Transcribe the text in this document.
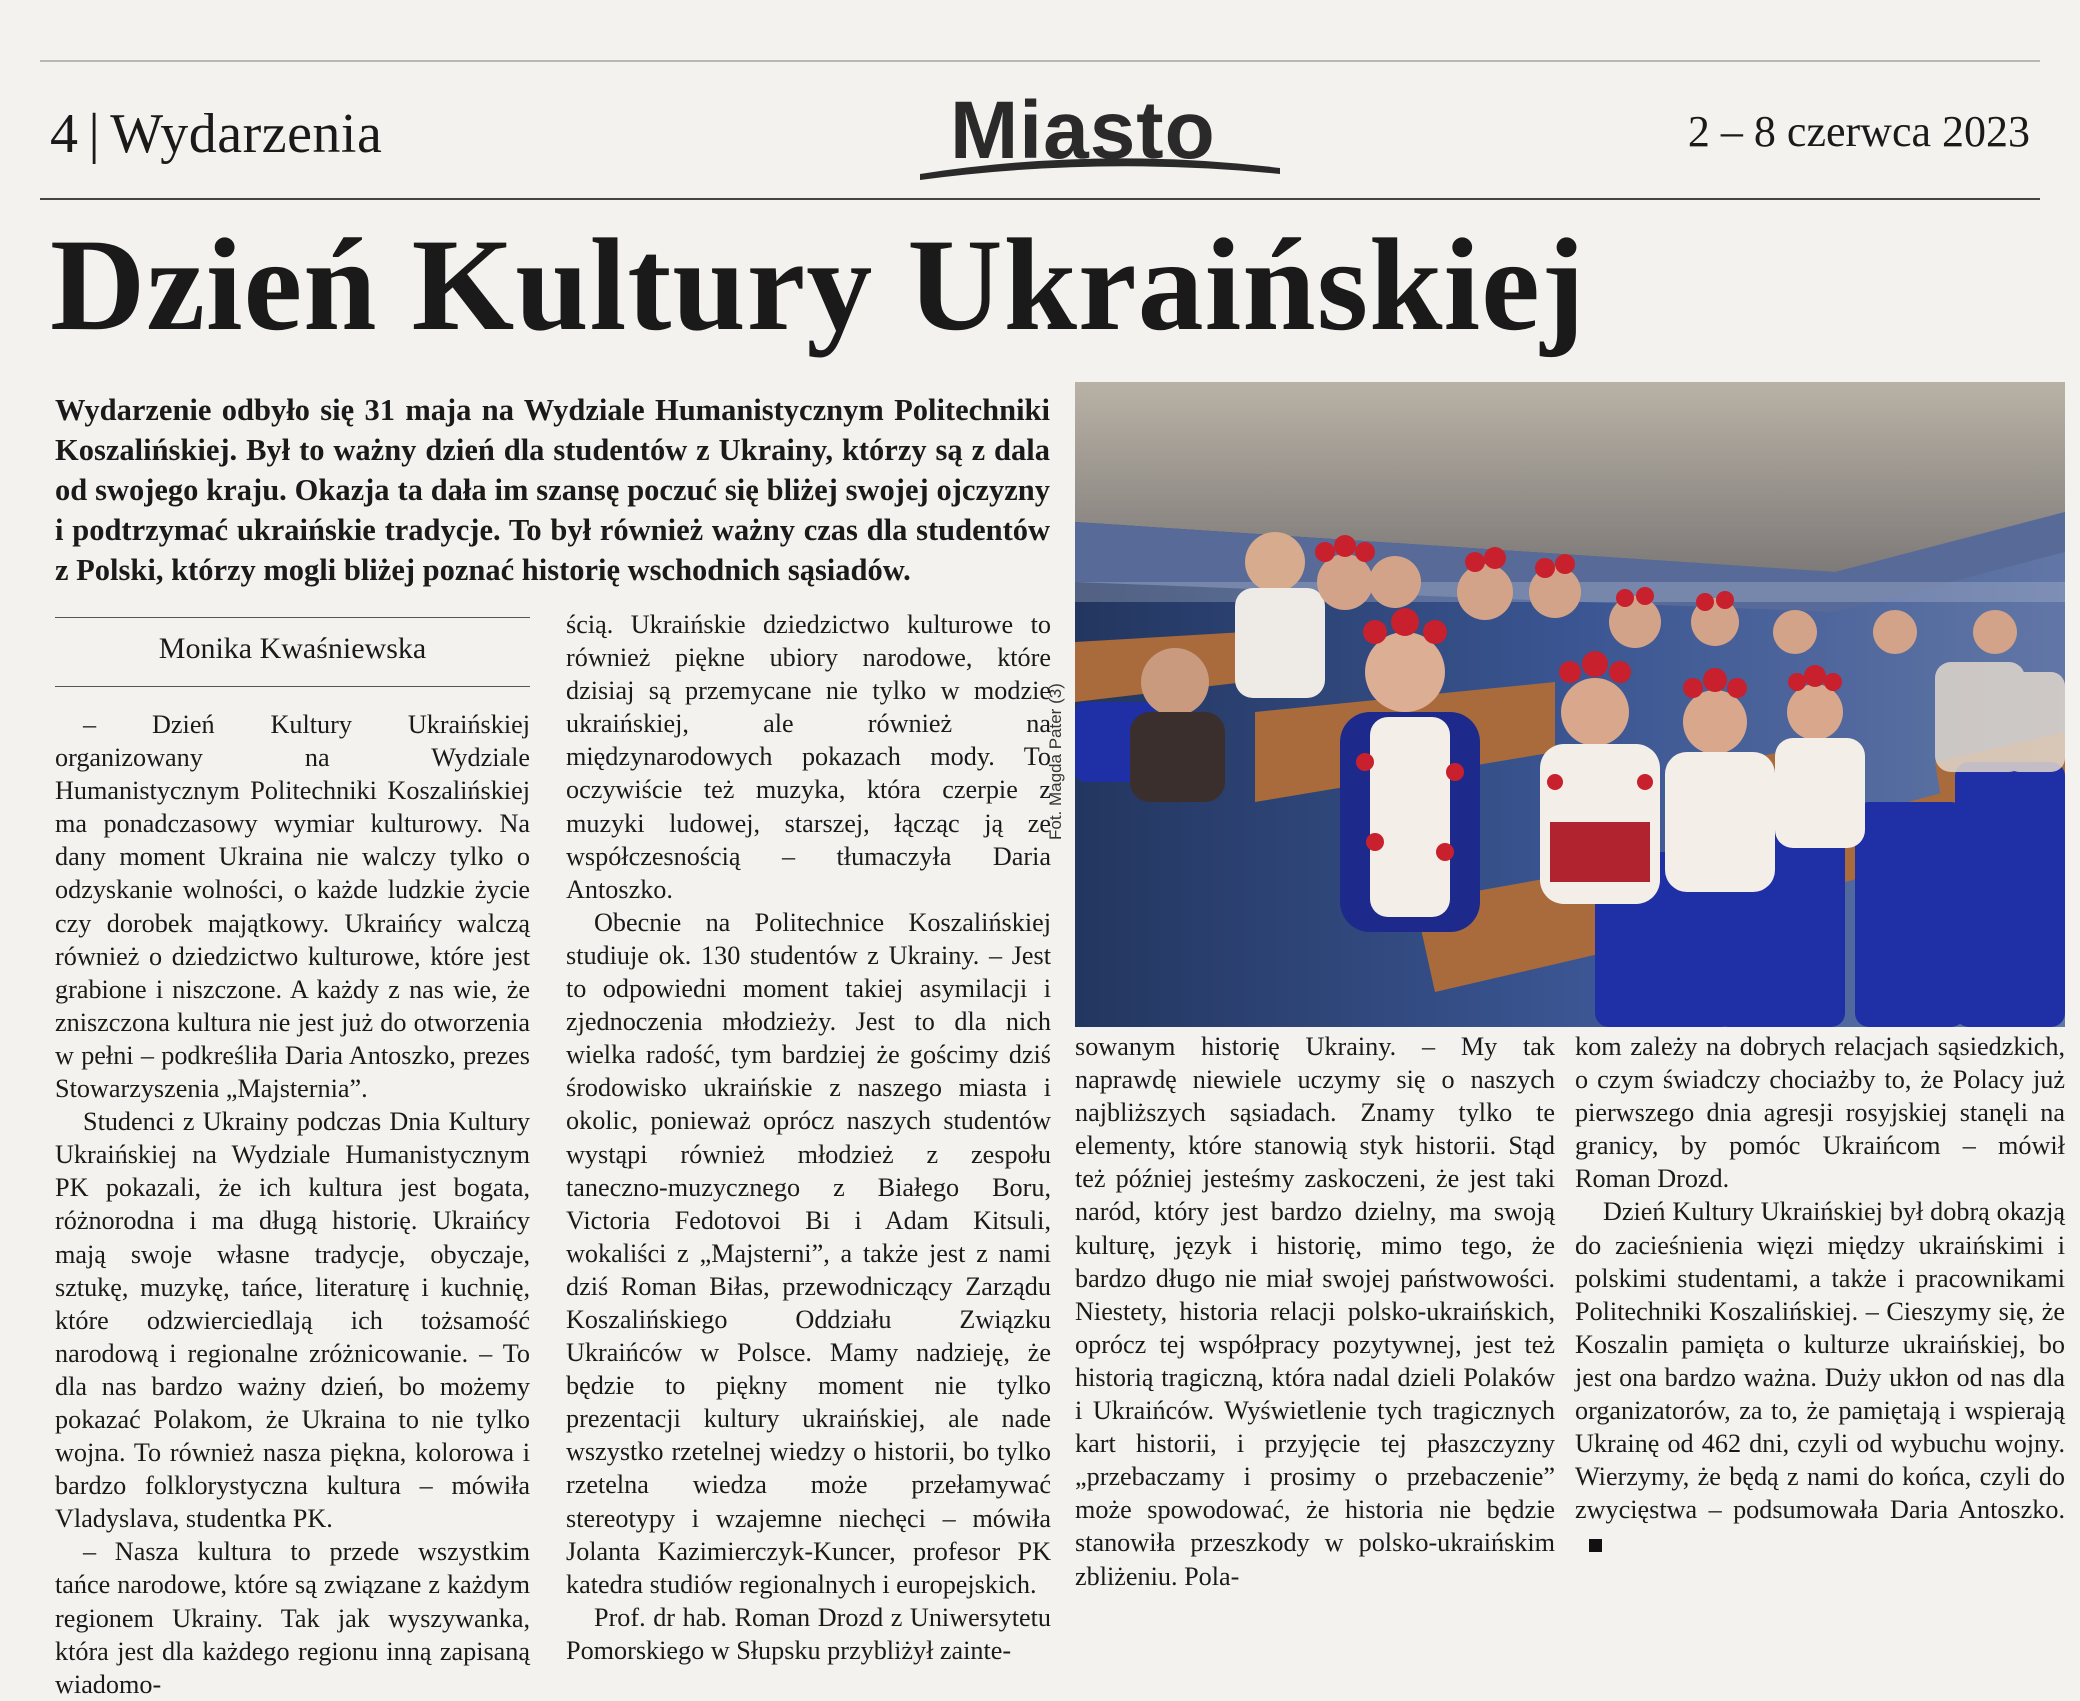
4 | Wydarzenia	Miasto	2 – 8 czerwca 2023
Dzień Kultury Ukraińskiej
Wydarzenie odbyło się 31 maja na Wydziale Humanistycznym Politechniki Koszalińskiej. Był to ważny dzień dla studentów z Ukrainy, którzy są z dala od swojego kraju. Okazja ta dała im szansę poczuć się bliżej swojej ojczyzny i podtrzymać ukraińskie tradycje. To był również ważny czas dla studentów z Polski, którzy mogli bliżej poznać historię wschodnich sąsiadów.
Fot. Magda Pater (3)
Monika Kwaśniewska

– Dzień Kultury Ukraińskiej organizowany na Wydziale Humanistycznym Politechniki Koszalińskiej ma ponadczasowy wymiar kulturowy. Na dany moment Ukraina nie walczy tylko o odzyskanie wolności, o każde ludzkie życie czy dorobek majątkowy. Ukraińcy walczą również o dziedzictwo kulturowe, które jest grabione i niszczone. A każdy z nas wie, że zniszczona kultura nie jest już do otworzenia w pełni – podkreśliła Daria Antoszko, prezes Stowarzyszenia „Majsternia”.

Studenci z Ukrainy podczas Dnia Kultury Ukraińskiej na Wydziale Humanistycznym PK pokazali, że ich kultura jest bogata, różnorodna i ma długą historię. Ukraińcy mają swoje własne tradycje, obyczaje, sztukę, muzykę, tańce, literaturę i kuchnię, które odzwierciedlają ich tożsamość narodową i regionalne zróżnicowanie. – To dla nas bardzo ważny dzień, bo możemy pokazać Polakom, że Ukraina to nie tylko wojna. To również nasza piękna, kolorowa i bardzo folklorystyczna kultura – mówiła Vladyslava, studentka PK.

– Nasza kultura to przede wszystkim tańce narodowe, które są związane z każdym regionem Ukrainy. Tak jak wyszywanka, która jest dla każdego regionu inną zapisaną wiadomo-

ścią. Ukraińskie dziedzictwo kulturowe to również piękne ubiory narodowe, które dzisiaj są przemycane nie tylko w modzie ukraińskiej, ale również na międzynarodowych pokazach mody. To oczywiście też muzyka, która czerpie z muzyki ludowej, starszej, łącząc ją ze współczesnością – tłumaczyła Daria Antoszko.

Obecnie na Politechnice Koszalińskiej studiuje ok. 130 studentów z Ukrainy. – Jest to odpowiedni moment takiej asymilacji i zjednoczenia młodzieży. Jest to dla nich wielka radość, tym bardziej że gościmy dziś środowisko ukraińskie z naszego miasta i okolic, ponieważ oprócz naszych studentów wystąpi również młodzież z zespołu taneczno-muzycznego z Białego Boru, Victoria Fedotovoi Bi i Adam Kitsuli, wokaliści z „Majsterni”, a także jest z nami dziś Roman Biłas, przewodniczący Zarządu Koszalińskiego Oddziału Związku Ukraińców w Polsce. Mamy nadzieję, że będzie to piękny moment nie tylko prezentacji kultury ukraińskiej, ale nade wszystko rzetelnej wiedzy o historii, bo tylko rzetelna wiedza może przełamywać stereotypy i wzajemne niechęci – mówiła Jolanta Kazimierczyk-Kuncer, profesor PK katedra studiów regionalnych i europejskich.

Prof. dr hab. Roman Drozd z Uniwersytetu Pomorskiego w Słupsku przybliżył zainte-

sowanym historię Ukrainy. – My tak naprawdę niewiele uczymy się o naszych najbliższych sąsiadach. Znamy tylko te elementy, które stanowią styk historii. Stąd też później jesteśmy zaskoczeni, że jest taki naród, który jest bardzo dzielny, ma swoją kulturę, język i historię, mimo tego, że bardzo długo nie miał swojej państwowości. Niestety, historia relacji polsko-ukraińskich, oprócz tej współpracy pozytywnej, jest też historią tragiczną, która nadal dzieli Polaków i Ukraińców. Wyświetlenie tych tragicznych kart historii, i przyjęcie tej płaszczyzny „przebaczamy i prosimy o przebaczenie” może spowodować, że historia nie będzie stanowiła przeszkody w polsko-ukraińskim zbliżeniu. Pola-

kom zależy na dobrych relacjach sąsiedzkich, o czym świadczy chociażby to, że Polacy już pierwszego dnia agresji rosyjskiej stanęli na granicy, by pomóc Ukraińcom – mówił Roman Drozd.

Dzień Kultury Ukraińskiej był dobrą okazją do zacieśnienia więzi między ukraińskimi i polskimi studentami, a także i pracownikami Politechniki Koszalińskiej. – Cieszymy się, że Koszalin pamięta o kulturze ukraińskiej, bo jest ona bardzo ważna. Duży ukłon od nas dla organizatorów, za to, że pamiętają i wspierają Ukrainę od 462 dni, czyli od wybuchu wojny. Wierzymy, że będą z nami do końca, czyli do zwycięstwa – podsumowała Daria Antoszko.
